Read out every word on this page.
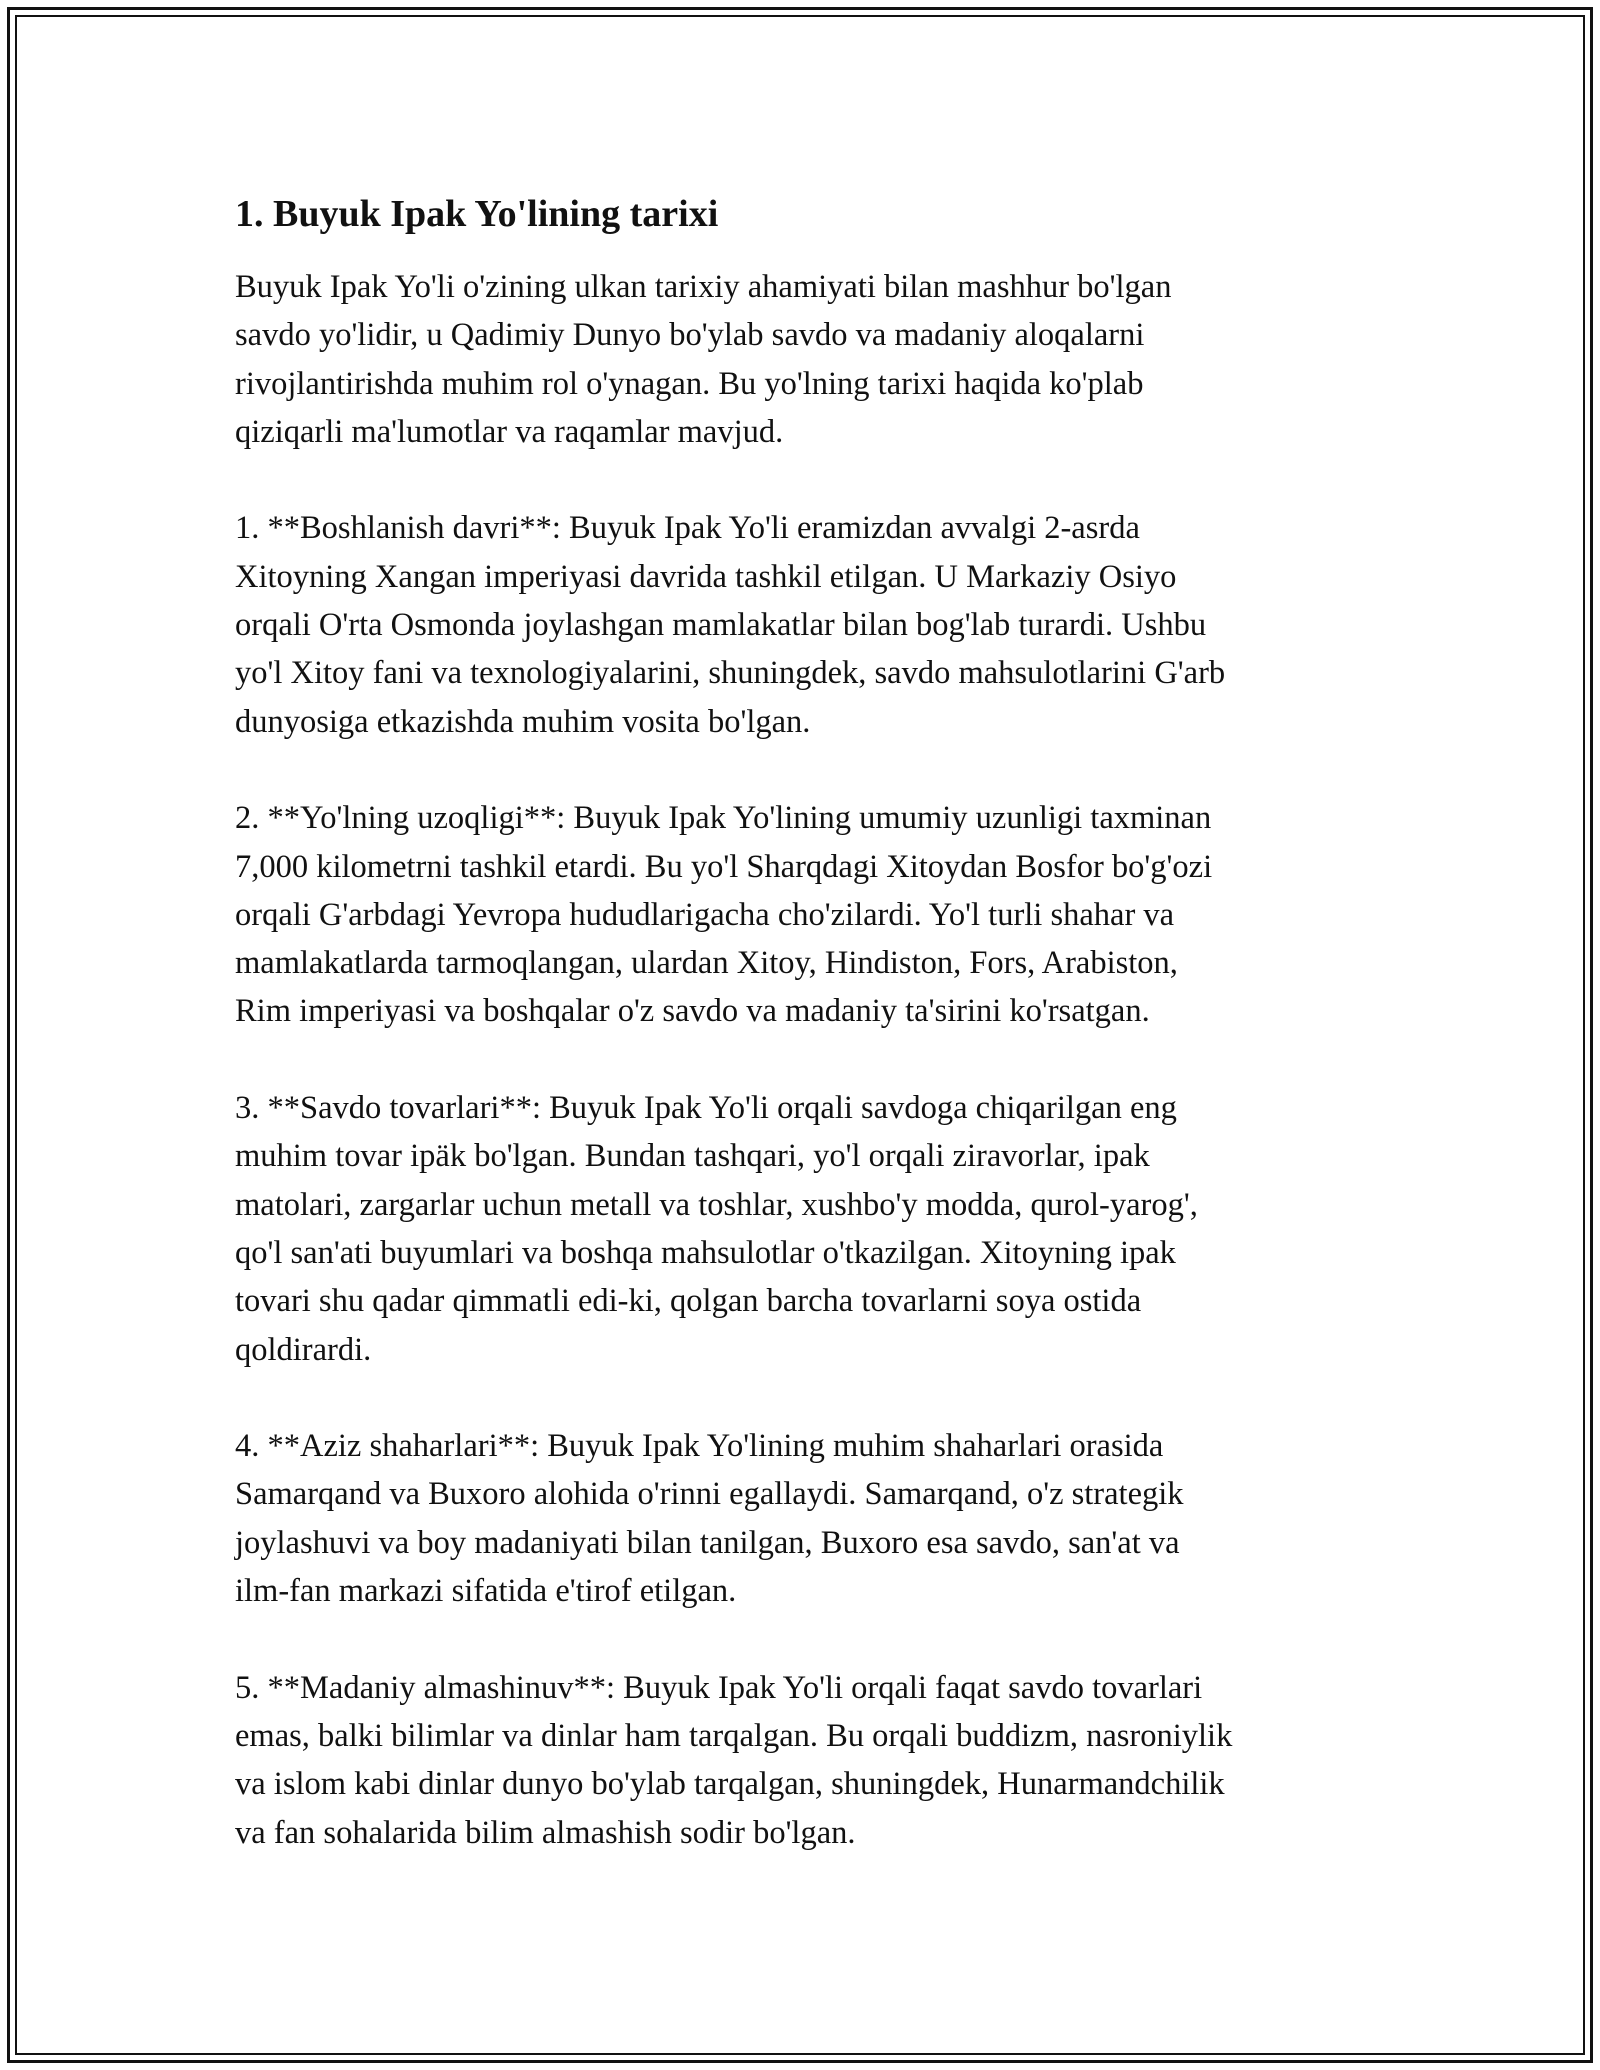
1. Buyuk Ipak Yo'lining tarixi
Buyuk Ipak Yo'li o'zining ulkan tarixiy ahamiyati bilan mashhur bo'lgan
savdo yo'lidir, u Qadimiy Dunyo bo'ylab savdo va madaniy aloqalarni
rivojlantirishda muhim rol o'ynagan. Bu yo'lning tarixi haqida ko'plab
qiziqarli ma'lumotlar va raqamlar mavjud.
1. **Boshlanish davri**: Buyuk Ipak Yo'li eramizdan avvalgi 2-asrda
Xitoyning Xangan imperiyasi davrida tashkil etilgan. U Markaziy Osiyo
orqali O'rta Osmonda joylashgan mamlakatlar bilan bog'lab turardi. Ushbu
yo'l Xitoy fani va texnologiyalarini, shuningdek, savdo mahsulotlarini G'arb
dunyosiga etkazishda muhim vosita bo'lgan.
2. **Yo'lning uzoqligi**: Buyuk Ipak Yo'lining umumiy uzunligi taxminan
7,000 kilometrni tashkil etardi. Bu yo'l Sharqdagi Xitoydan Bosfor bo'g'ozi
orqali G'arbdagi Yevropa hududlarigacha cho'zilardi. Yo'l turli shahar va
mamlakatlarda tarmoqlangan, ulardan Xitoy, Hindiston, Fors, Arabiston,
Rim imperiyasi va boshqalar o'z savdo va madaniy ta'sirini ko'rsatgan.
3. **Savdo tovarlari**: Buyuk Ipak Yo'li orqali savdoga chiqarilgan eng
muhim tovar ipäk bo'lgan. Bundan tashqari, yo'l orqali ziravorlar, ipak
matolari, zargarlar uchun metall va toshlar, xushbo'y modda, qurol-yarog',
qo'l san'ati buyumlari va boshqa mahsulotlar o'tkazilgan. Xitoyning ipak
tovari shu qadar qimmatli edi-ki, qolgan barcha tovarlarni soya ostida
qoldirardi.
4. **Aziz shaharlari**: Buyuk Ipak Yo'lining muhim shaharlari orasida
Samarqand va Buxoro alohida o'rinni egallaydi. Samarqand, o'z strategik
joylashuvi va boy madaniyati bilan tanilgan, Buxoro esa savdo, san'at va
ilm-fan markazi sifatida e'tirof etilgan.
5. **Madaniy almashinuv**: Buyuk Ipak Yo'li orqali faqat savdo tovarlari
emas, balki bilimlar va dinlar ham tarqalgan. Bu orqali buddizm, nasroniylik
va islom kabi dinlar dunyo bo'ylab tarqalgan, shuningdek, Hunarmandchilik
va fan sohalarida bilim almashish sodir bo'lgan.
